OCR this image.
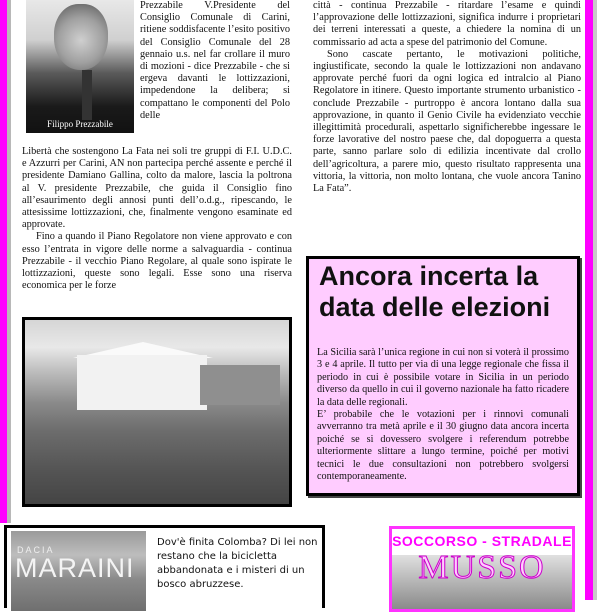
Filippo Prezzabile

Prezzabile V.Presidente del Consiglio Comunale di Carini, ritiene soddisfacente l’esito positivo del Consiglio Comunale del 28 gennaio u.s. nel far crollare il muro di mozioni - dice Prezzabile - che si ergeva davanti le lottizzazioni, impedendone la delibera; si compattano le componenti del Polo delle

Libertà che sostengono La Fata nei soli tre gruppi di F.I. U.D.C. e Azzurri per Carini, AN non partecipa perché assente e perché il presidente Damiano Gallina, colto da malore, lascia la poltrona al V. presidente Prezzabile, che guida il Consiglio fino all’esaurimento degli annosi punti dell’o.d.g., ripescando, le attesissime lottizzazioni, che, finalmente vengono esaminate ed approvate.

Fino a quando il Piano Regolatore non viene approvato e con esso l’entrata in vigore delle norme a salvaguardia - continua Prezzabile - il vecchio Piano Regolare, al quale sono ispirate le lottizzazioni, queste sono legali. Esse sono una riserva economica per le forze

città - continua Prezzabile - ritardare l’esame e quindi l’approvazione delle lottizzazioni, significa indurre i proprietari dei terreni interessati a queste, a chiedere la nomina di un commissario ad acta a spese del patrimonio del Comune.

Sono cascate pertanto, le motivazioni politiche, ingiustificate, secondo la quale le lottizzazioni non andavano approvate perché fuori da ogni logica ed intralcio al Piano Regolatore in itinere. Questo importante strumento urbanistico - conclude Prezzabile - purtroppo è ancora lontano dalla sua approvazione, in quanto il Genio Civile ha evidenziato vecchie illegittimità procedurali, aspettarlo significherebbe ingessare le forze lavorative del nostro paese che, dal dopoguerra a questa parte, sanno parlare solo di edilizia incentivate dal crollo dell’agricoltura, a parere mio, questo risultato rappresenta una vittoria, la vittoria, non molto lontana, che vuole ancora Tanino La Fata”.

Ancora incerta la data delle elezioni

La Sicilia sarà l’unica regione in cui non si voterà il prossimo 3 e 4 aprile. Il tutto per via di una legge regionale che fissa il periodo in cui è possibile votare in Sicilia in un periodo diverso da quello in cui il governo nazionale ha fatto ricadere la data delle regionali.

E’ probabile che le votazioni per i rinnovi comunali avverranno tra metà aprile e il 30 giugno data ancora incerta poiché se si dovessero svolgere i referendum potrebbe ulteriormente slittare a lungo termine, poiché per motivi tecnici le due consultazioni non potrebbero svolgersi contemporaneamente.

DACIA
MARAINI
Dov'è finita Colomba? Di lei non restano che la bicicletta abbandonata e i misteri di un bosco abruzzese.
SOCCORSO - STRADALE
MUSSO
